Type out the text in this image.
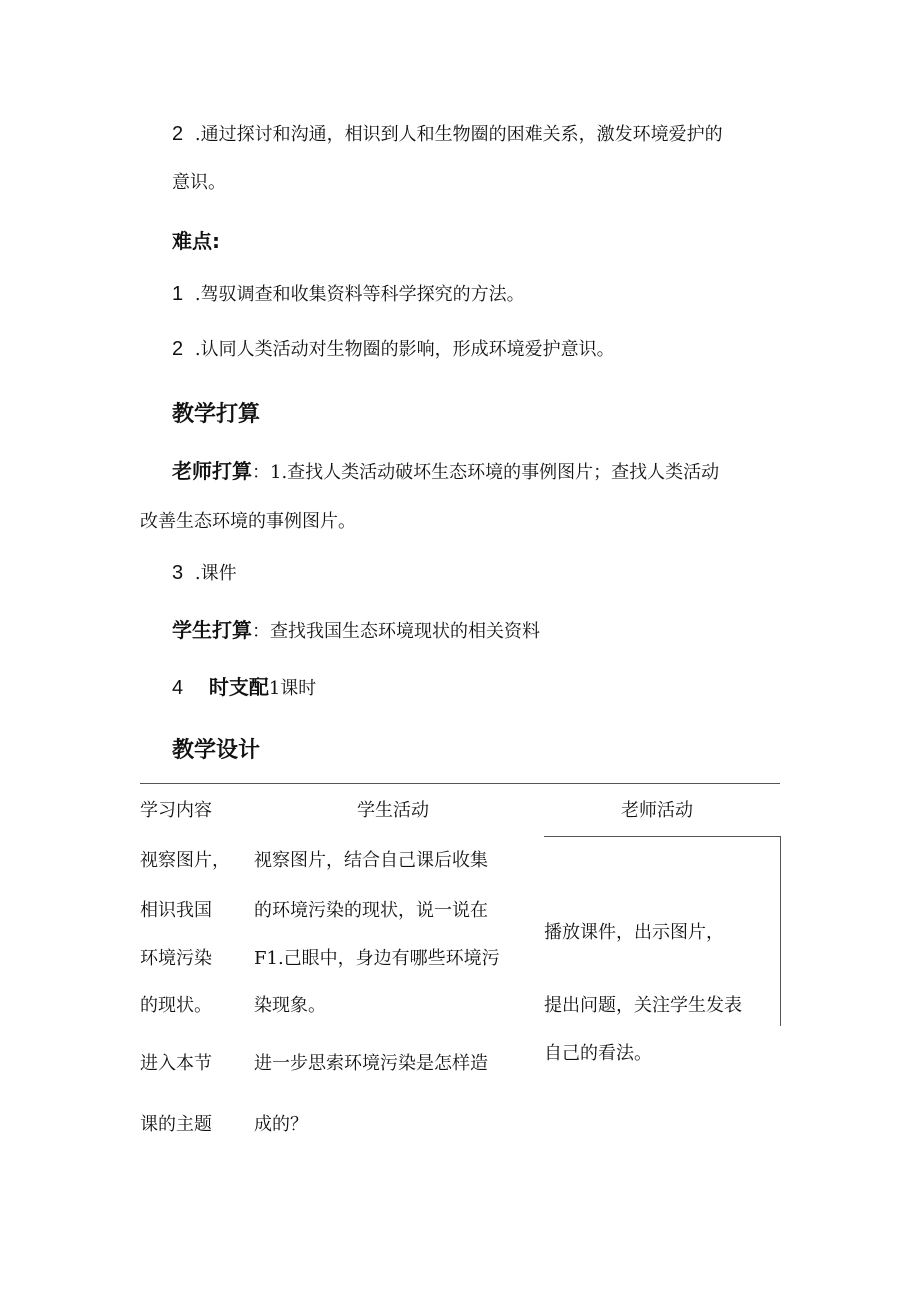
2 .通过探讨和沟通，相识到人和生物圈的困难关系，激发环境爱护的
意识。
难点:
1 .驾驭调查和收集资料等科学探究的方法。
2 .认同人类活动对生物圈的影响，形成环境爱护意识。
教学打算
老师打算：1.查找人类活动破坏生态环境的事例图片；查找人类活动
改善生态环境的事例图片。
3 .课件
学生打算：查找我国生态环境现状的相关资料
4 时支配1课时
教学设计
学习内容	学生活动	老师活动
视察图片，
相识我国
环境污染
的现状。
进入本节
课的主题
视察图片，结合自己课后收集
的环境污染的现状，说一说在
F1.己眼中，身边有哪些环境污
染现象。
进一步思索环境污染是怎样造
成的？
播放课件，出示图片，
提出问题，关注学生发表
自己的看法。
